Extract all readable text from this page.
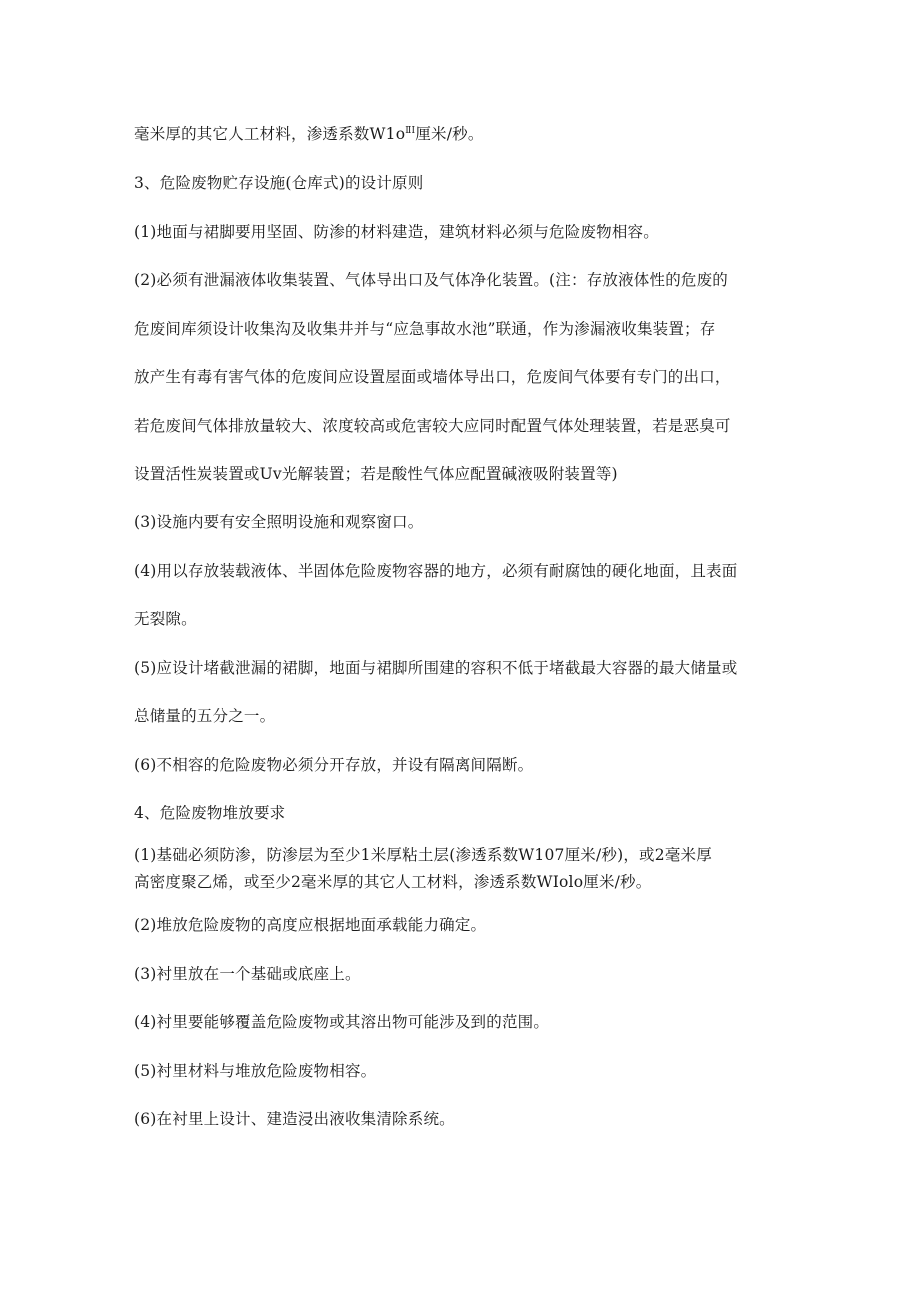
毫米厚的其它人工材料，渗透系数$W1o^{ⅡI}$厘米/秒。
3、危险废物贮存设施(仓库式)的设计原则
(1)地面与裙脚要用坚固、防渗的材料建造，建筑材料必须与危险废物相容。
(2)必须有泄漏液体收集装置、气体导出口及气体净化装置。(注：存放液体性的危废的
危废间库须设计收集沟及收集井并与“应急事故水池”联通，作为渗漏液收集装置；存
放产生有毒有害气体的危废间应设置屋面或墙体导出口，危废间气体要有专门的出口，
若危废间气体排放量较大、浓度较高或危害较大应同时配置气体处理装置，若是恶臭可
设置活性炭装置或Uv光解装置；若是酸性气体应配置碱液吸附装置等)
(3)设施内要有安全照明设施和观察窗口。
(4)用以存放装载液体、半固体危险废物容器的地方，必须有耐腐蚀的硬化地面，且表面
无裂隙。
(5)应设计堵截泄漏的裙脚，地面与裙脚所围建的容积不低于堵截最大容器的最大储量或
总储量的五分之一。
(6)不相容的危险废物必须分开存放，并设有隔离间隔断。
4、危险废物堆放要求
(1)基础必须防渗，防渗层为至少1米厚粘土层(渗透系数W107厘米/秒)，或2毫米厚
高密度聚乙烯，或至少2毫米厚的其它人工材料，渗透系数WIolo厘米/秒。
(2)堆放危险废物的高度应根据地面承载能力确定。
(3)衬里放在一个基础或底座上。
(4)衬里要能够覆盖危险废物或其溶出物可能涉及到的范围。
(5)衬里材料与堆放危险废物相容。
(6)在衬里上设计、建造浸出液收集清除系统。
